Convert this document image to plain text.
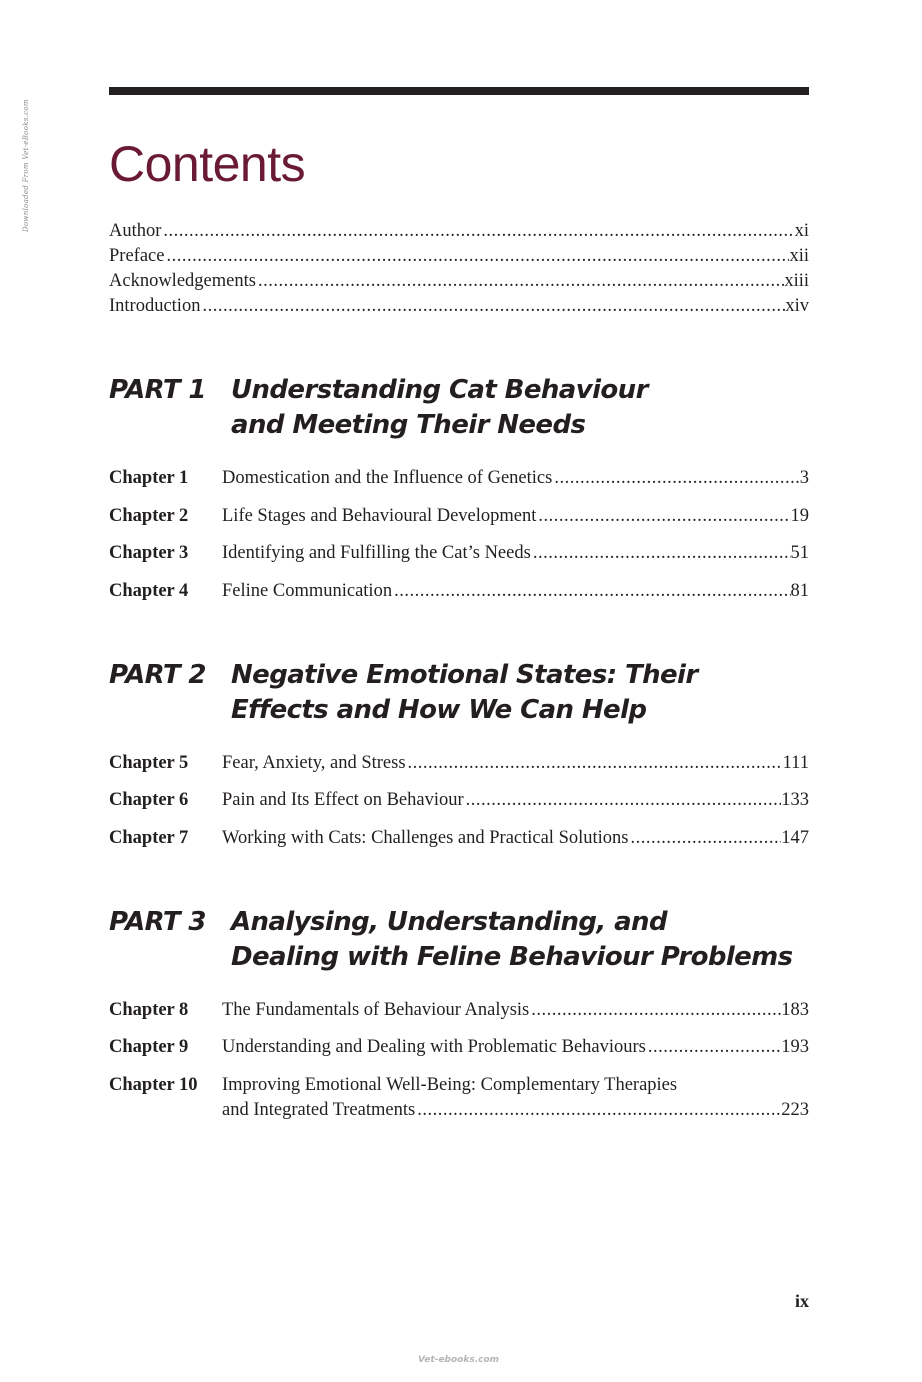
Downloaded From Vet-eBooks.com Contents
Author .....	xi
Preface .....	xii
Acknowledgements .....	xiii
Introduction .....	xiv
PART 1 Understanding Cat Behaviour
and Meeting Their Needs
Chapter 1 Domestication and the Influence of Genetics .....	3
Chapter 2 Life Stages and Behavioural Development .....	19
Chapter 3 Identifying and Fulfilling the Cat’s Needs .....	51
Chapter 4 Feline Communication .....	81
PART 2 Negative Emotional States: Their
Effects and How We Can Help
Chapter 5 Fear, Anxiety, and Stress .....	111
Chapter 6 Pain and Its Effect on Behaviour .....	133
Chapter 7 Working with Cats: Challenges and Practical Solutions .....	147
PART 3 Analysing, Understanding, and
Dealing with Feline Behaviour Problems
Chapter 8 The Fundamentals of Behaviour Analysis .....	183
Chapter 9 Understanding and Dealing with Problematic Behaviours .....	193
Chapter 10 Improving Emotional Well-Being: Complementary Therapies
and Integrated Treatments .....	223
ix
Vet-ebooks.com
